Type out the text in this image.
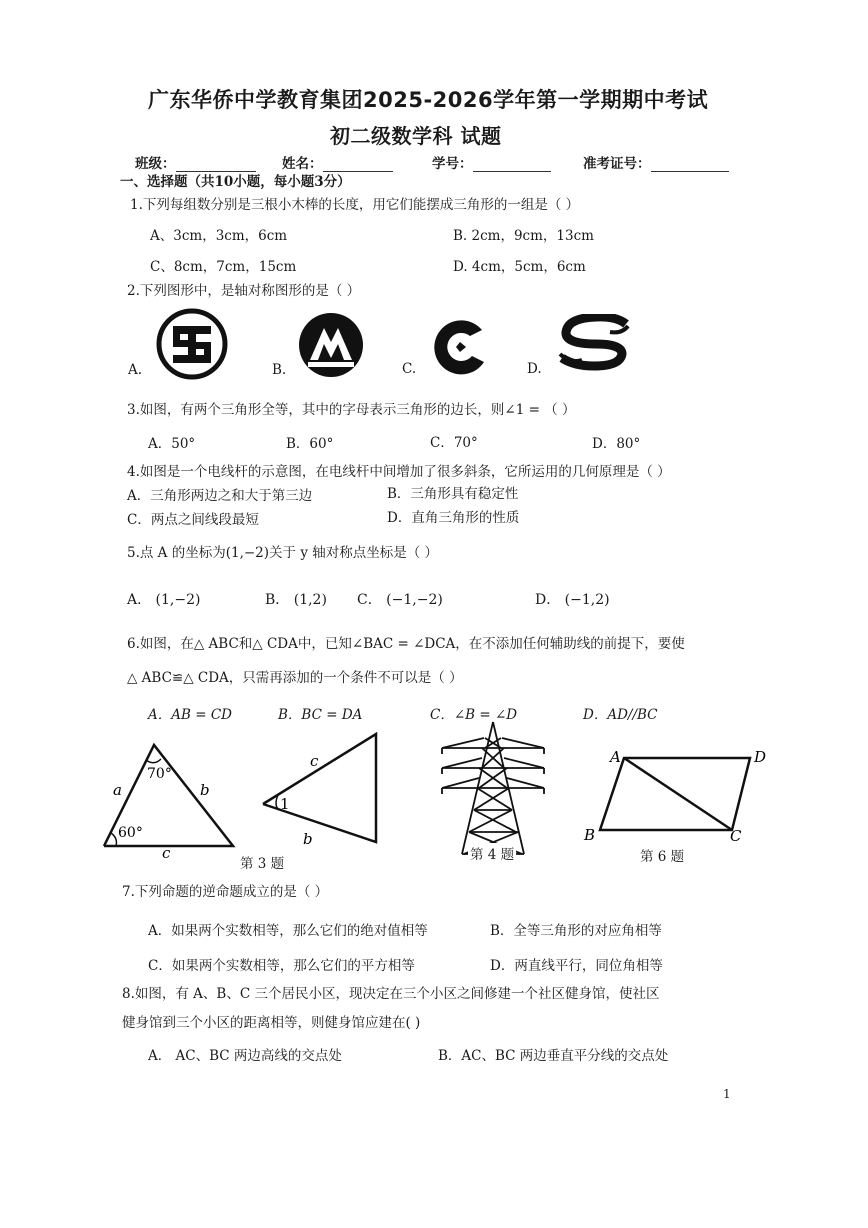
广东华侨中学教育集团2025-2026学年第一学期期中考试
初二级数学科 试题
班级：	姓名：	学号：	准考证号：
一、选择题（共10小题，每小题3分）
1.下列每组数分别是三根小木棒的长度，用它们能摆成三角形的一组是（ ）
A、3cm，3cm，6cm	B. 2cm，9cm，13cm
C、8cm，7cm，15cm	D. 4cm，5cm，6cm
2.下列图形中，是轴对称图形的是（ ）
A.	B.	C.	D.
3.如图，有两个三角形全等，其中的字母表示三角形的边长，则∠1 = （ ）
A．50°	B．60°	C．70°	D．80°
4.如图是一个电线杆的示意图，在电线杆中间增加了很多斜条，它所运用的几何原理是（ ）
A．三角形两边之和大于第三边	B．三角形具有稳定性
C．两点之间线段最短	D．直角三角形的性质
5.点 A 的坐标为(1,−2)关于 y 轴对称点坐标是（ ）
A． (1,−2)	B． (1,2) C． (−1,−2)	D． (−1,2)
6.如图，在△ ABC和△ CDA中，已知∠BAC = ∠DCA，在不添加任何辅助线的前提下，要使
△ ABC≌△ CDA，只需再添加的一个条件不可以是（ ）
A．AB = CD	B．BC = DA	C．∠B = ∠D	D．AD//BC
70°
60°
a	b
c
1
c
b
第 3 题
第 4 题
A	D
B	C
第 6 题
7.下列命题的逆命题成立的是（ ）
A．如果两个实数相等，那么它们的绝对值相等	B．全等三角形的对应角相等
C．如果两个实数相等，那么它们的平方相等	D．两直线平行，同位角相等
8.如图，有 A、B、C 三个居民小区，现决定在三个小区之间修建一个社区健身馆，使社区
健身馆到三个小区的距离相等，则健身馆应建在( )
A． AC、BC 两边高线的交点处	B．AC、BC 两边垂直平分线的交点处
1
